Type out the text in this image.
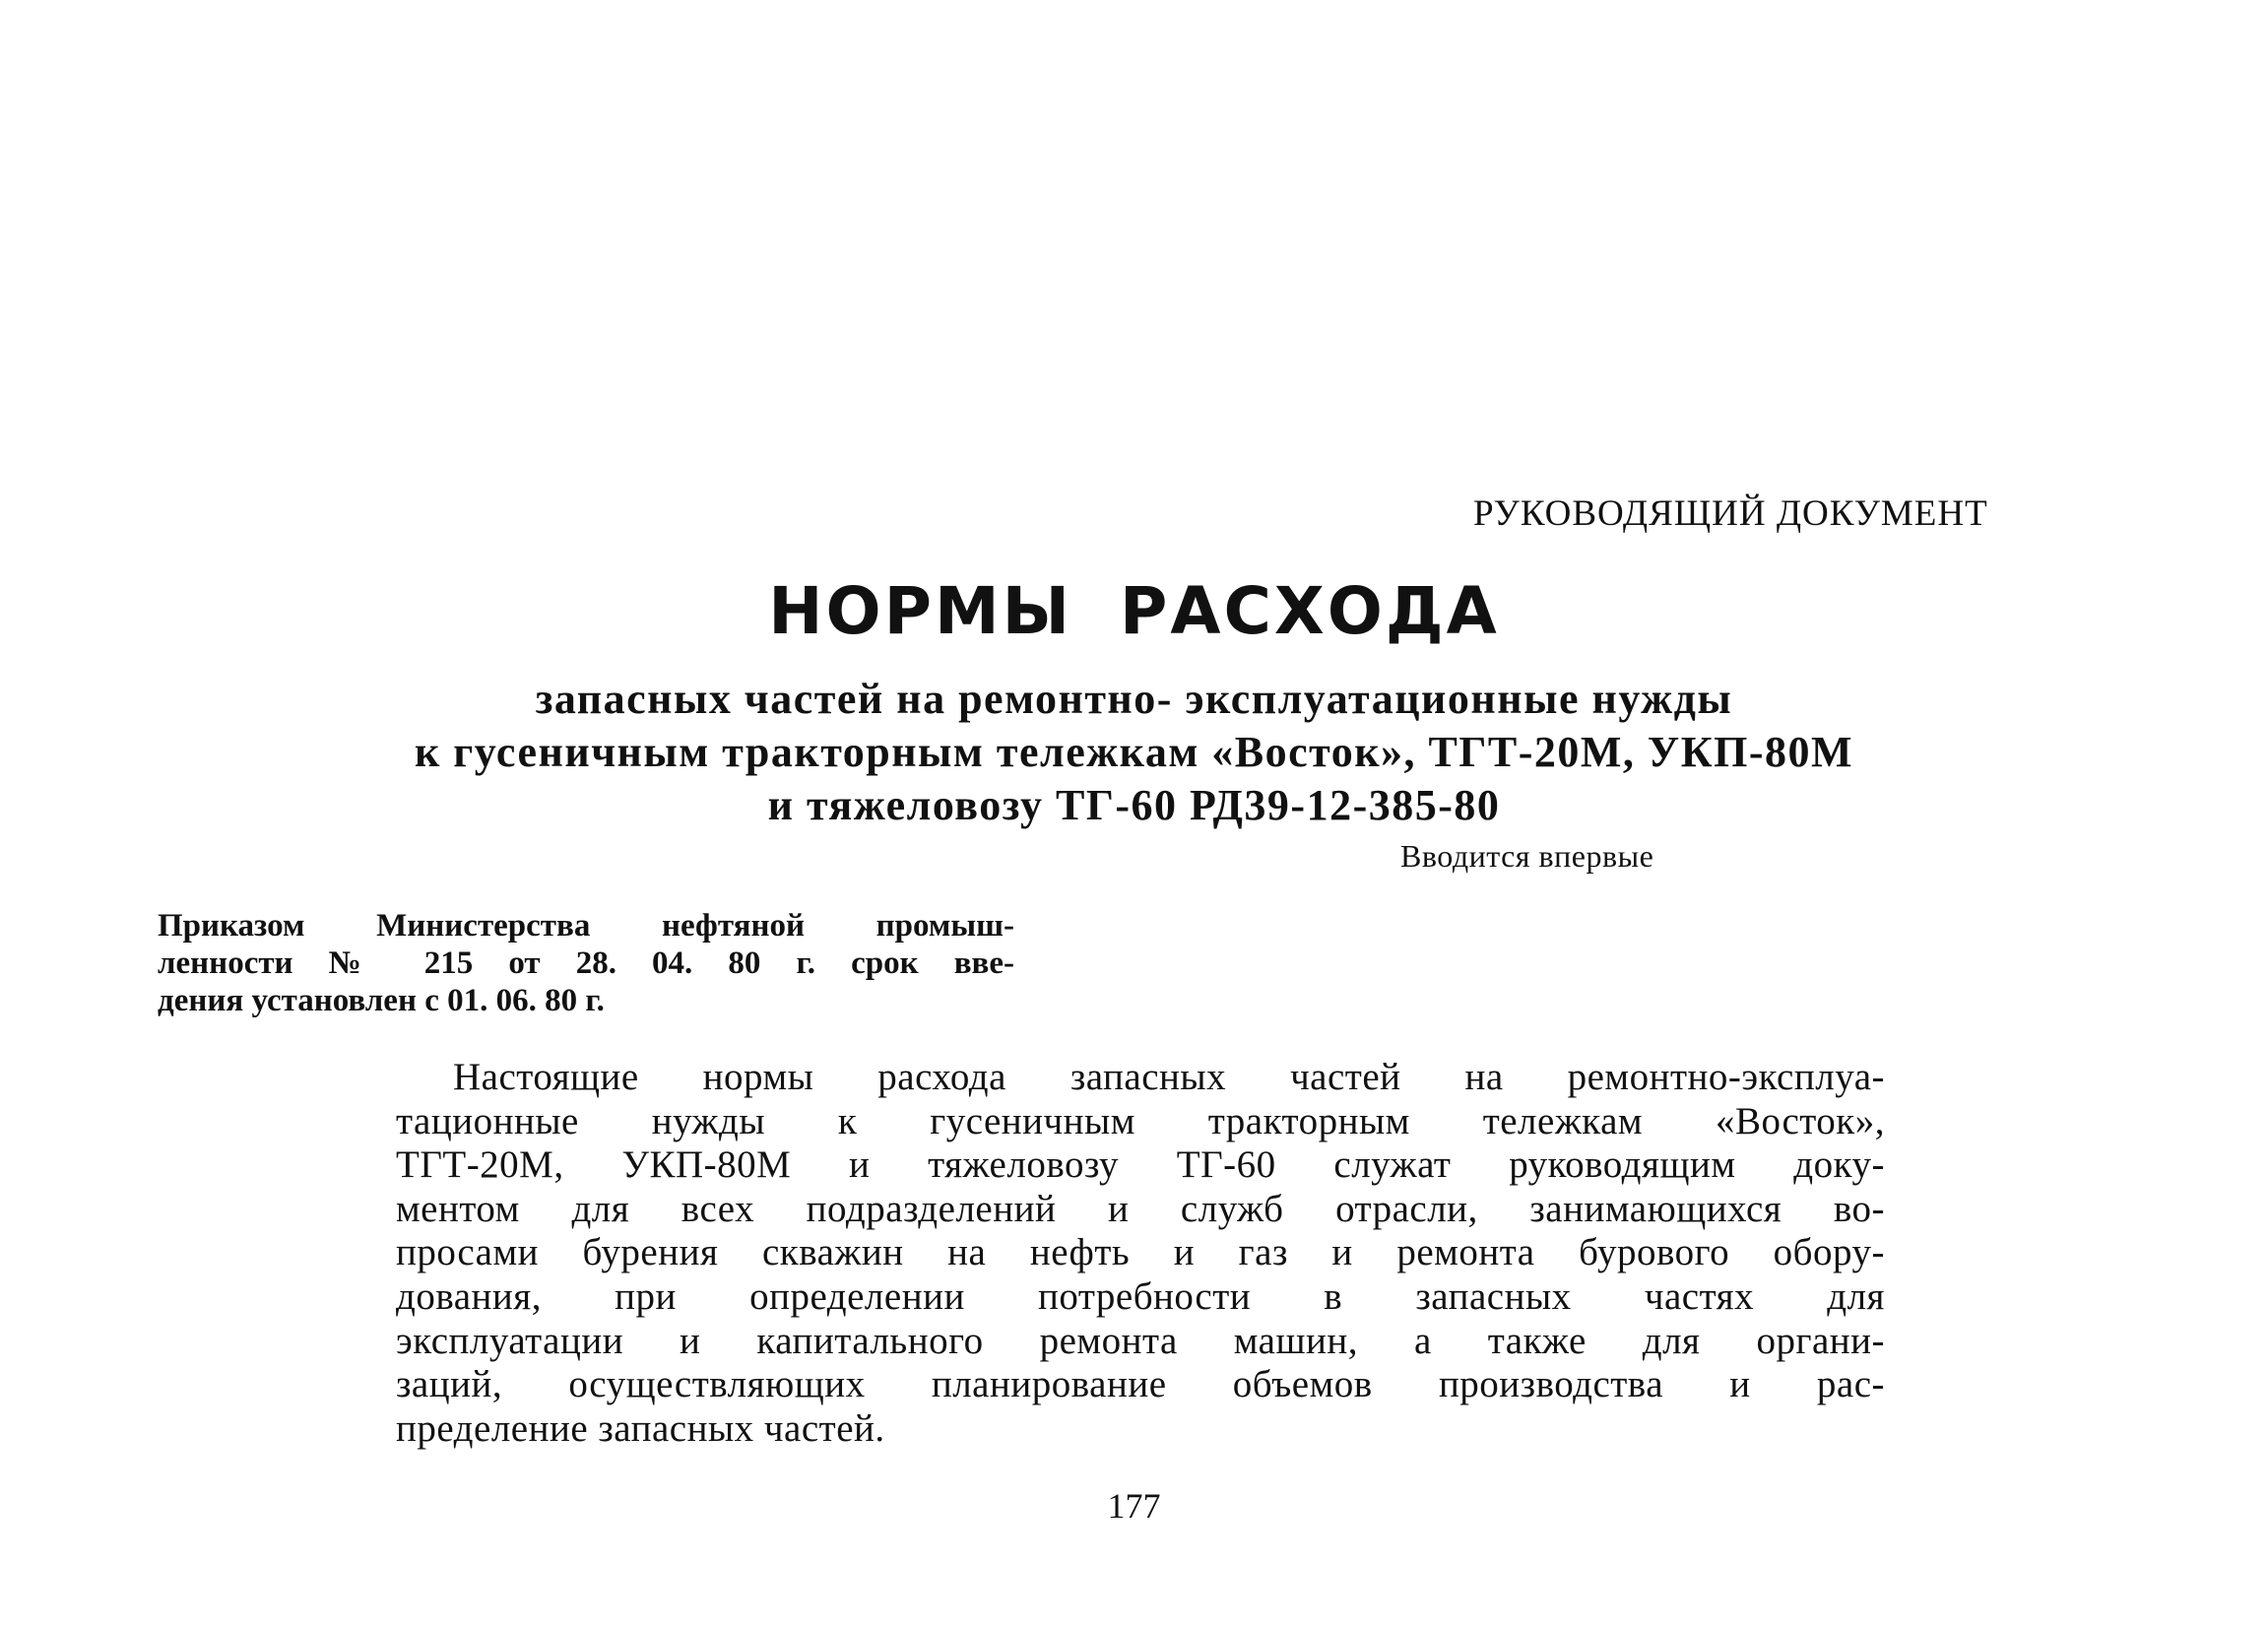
РУКОВОДЯЩИЙ ДОКУМЕНТ
НОРМЫ РАСХОДА
запасных частей на ремонтно- эксплуатационные нужды
к гусеничным тракторным тележкам «Восток», ТГТ-20М, УКП-80М
и тяжеловозу ТГ-60 РД39-12-385-80
Вводится впервые
Приказом Министерства нефтяной промыш-
ленности № 215 от 28. 04. 80 г. срок вве-
дения установлен с 01. 06. 80 г.
Настоящие нормы расхода запасных частей на ремонтно-эксплуа-
тационные нужды к гусеничным тракторным тележкам «Восток»,
ТГТ-20М, УКП-80М и тяжеловозу ТГ-60 служат руководящим доку-
ментом для всех подразделений и служб отрасли, занимающихся во-
просами бурения скважин на нефть и газ и ремонта бурового обору-
дования, при определении потребности в запасных частях для
эксплуатации и капитального ремонта машин, а также для органи-
заций, осуществляющих планирование объемов производства и рас-
пределение запасных частей.
177
